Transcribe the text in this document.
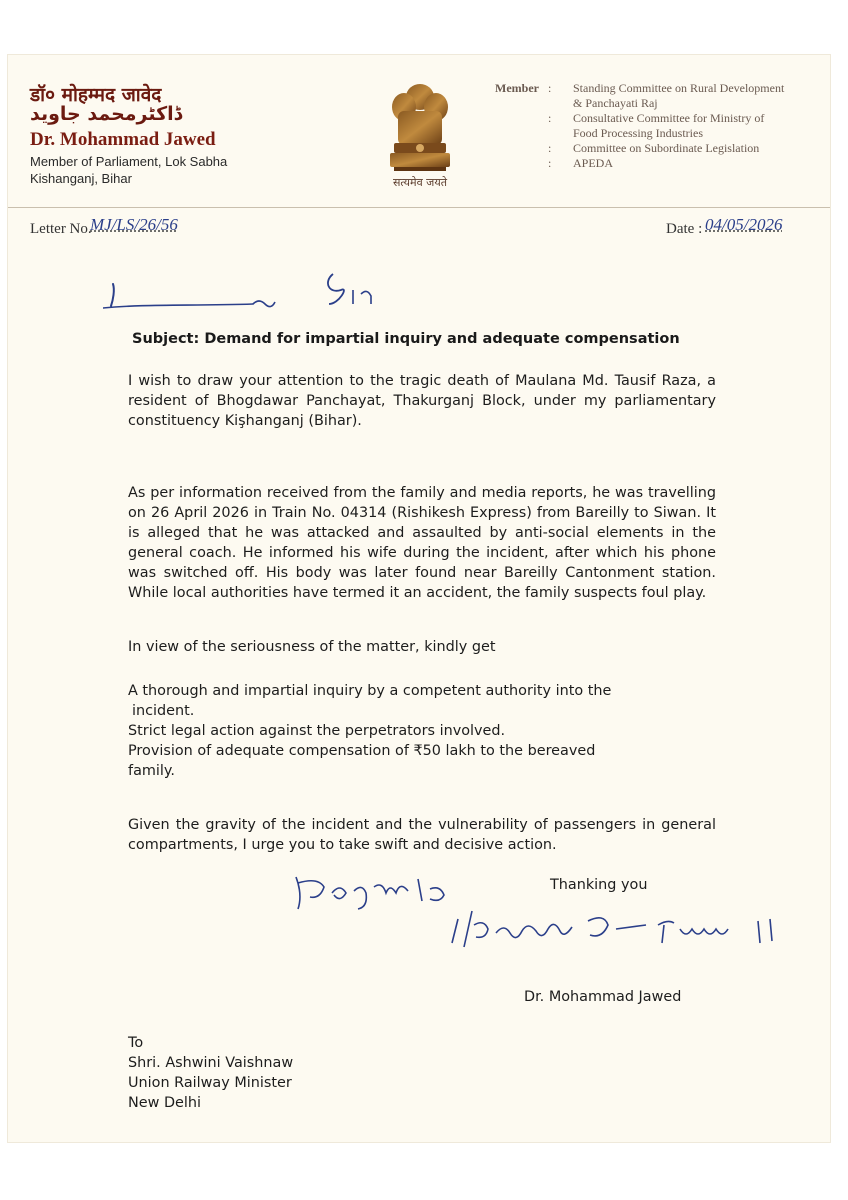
डॉ० मोहम्मद जावेद
ڈاکٹرمحمد جاوید
Dr. Mohammad Jawed
Member of Parliament, Lok Sabha
Kishanganj, Bihar	सत्यमेव जयते
Member :	Standing Committee on Rural Development
& Panchayati Raj
:	Consultative Committee for Ministry of
Food Processing Industries
:	Committee on Subordinate Legislation
:	APEDA
Letter No.
MJ/LS/26/56	Date : 04/05/2026
Subject: Demand for impartial inquiry and adequate compensation
I wish to draw your attention to the tragic death of Maulana Md. Tausif Raza, a resident of Bhogdawar Panchayat, Thakurganj Block, under my parliamentary constituency Kişhanganj (Bihar).
As per information received from the family and media reports, he was travelling on 26 April 2026 in Train No. 04314 (Rishikesh Express) from Bareilly to Siwan. It is alleged that he was attacked and assaulted by anti-social elements in the general coach. He informed his wife during the incident, after which his phone was switched off. His body was later found near Bareilly Cantonment station. While local authorities have termed it an accident, the family suspects foul play.
In view of the seriousness of the matter, kindly get
A thorough and impartial inquiry by a competent authority into the
incident.
Strict legal action against the perpetrators involved.
Provision of adequate compensation of ₹50 lakh to the bereaved
family.
Given the gravity of the incident and the vulnerability of passengers in general compartments, I urge you to take swift and decisive action.
Thanking you
Dr. Mohammad Jawed
To
Shri. Ashwini Vaishnaw
Union Railway Minister
New Delhi
